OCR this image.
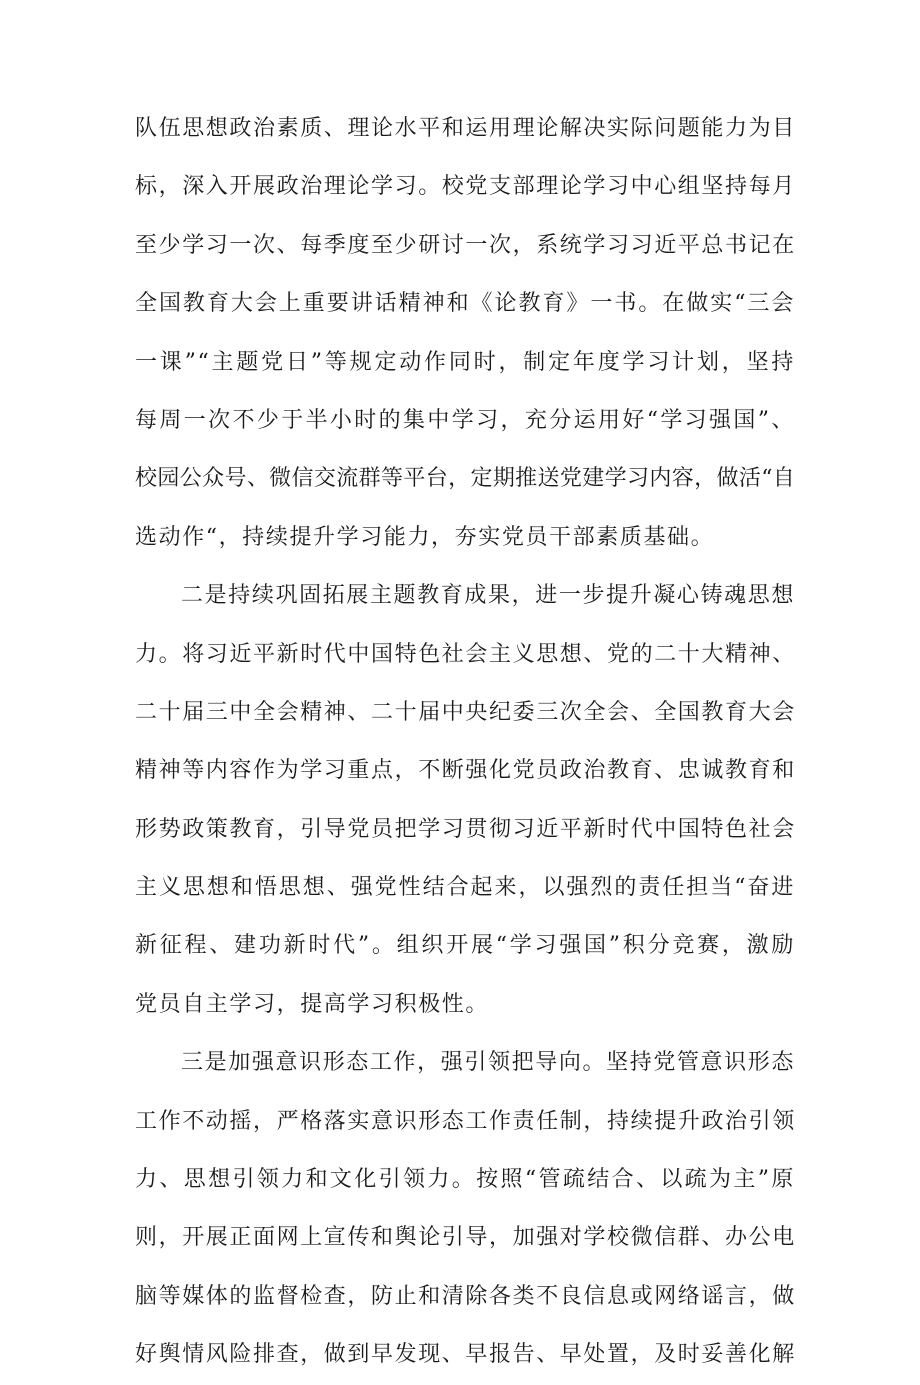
队伍思想政治素质、理论水平和运用理论解决实际问题能力为目
标，深入开展政治理论学习。校党支部理论学习中心组坚持每月
至少学习一次、每季度至少研讨一次，系统学习习近平总书记在
全国教育大会上重要讲话精神和《论教育》一书。在做实“三会
一课”“主题党日”等规定动作同时，制定年度学习计划，坚持
每周一次不少于半小时的集中学习，充分运用好“学习强国”、
校园公众号、微信交流群等平台，定期推送党建学习内容，做活“自
选动作“，持续提升学习能力，夯实党员干部素质基础。
二是持续巩固拓展主题教育成果，进一步提升凝心铸魂思想
力。将习近平新时代中国特色社会主义思想、党的二十大精神、
二十届三中全会精神、二十届中央纪委三次全会、全国教育大会
精神等内容作为学习重点，不断强化党员政治教育、忠诚教育和
形势政策教育，引导党员把学习贯彻习近平新时代中国特色社会
主义思想和悟思想、强党性结合起来，以强烈的责任担当“奋进
新征程、建功新时代”。组织开展“学习强国”积分竞赛，激励
党员自主学习，提高学习积极性。
三是加强意识形态工作，强引领把导向。坚持党管意识形态
工作不动摇，严格落实意识形态工作责任制，持续提升政治引领
力、思想引领力和文化引领力。按照“管疏结合、以疏为主”原
则，开展正面网上宣传和舆论引导，加强对学校微信群、办公电
脑等媒体的监督检查，防止和清除各类不良信息或网络谣言，做
好舆情风险排查，做到早发现、早报告、早处置，及时妥善化解
